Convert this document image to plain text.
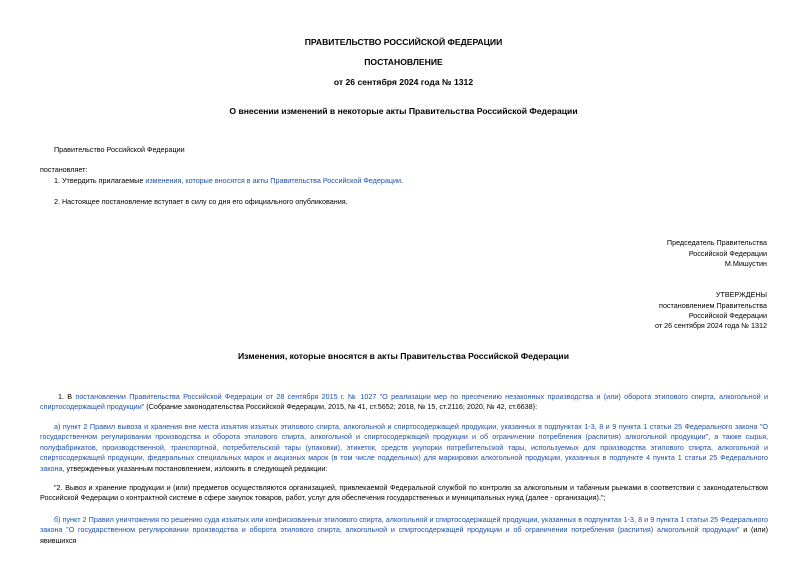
ПРАВИТЕЛЬСТВО РОССИЙСКОЙ ФЕДЕРАЦИИ
ПОСТАНОВЛЕНИЕ
от 26 сентября 2024 года № 1312
О внесении изменений в некоторые акты Правительства Российской Федерации
Правительство Российской Федерации
постановляет:
1. Утвердить прилагаемые изменения, которые вносятся в акты Правительства Российской Федерации.
2. Настоящее постановление вступает в силу со дня его официального опубликования.
Председатель Правительства
Российской Федерации
М.Мишустин
УТВЕРЖДЕНЫ
постановлением Правительства
Российской Федерации
от 26 сентября 2024 года № 1312
Изменения, которые вносятся в акты Правительства Российской Федерации

1. В постановлении Правительства Российской Федерации от 28 сентября 2015 г. № 1027 "О реализации мер по пресечению незаконных производства и (или) оборота этилового спирта, алкогольной и спиртосодержащей продукции" (Собрание законодательства Российской Федерации, 2015, № 41, ст.5652; 2018, № 15, ст.2116; 2020, № 42, ст.6638):

а) пункт 2 Правил вывоза и хранения вне места изъятия изъятых этилового спирта, алкогольной и спиртосодержащей продукции, указанных в подпунктах 1-3, 8 и 9 пункта 1 статьи 25 Федерального закона "О государственном регулировании производства и оборота этилового спирта, алкогольной и спиртосодержащей продукции и об ограничении потребления (распития) алкогольной продукции", а также сырья, полуфабрикатов, производственной, транспортной, потребительской тары (упаковки), этикеток, средств укупорки потребительской тары, используемых для производства этилового спирта, алкогольной и спиртосодержащей продукции, федеральных специальных марок и акцизных марок (в том числе поддельных) для маркировки алкогольной продукции, указанных в подпункте 4 пункта 1 статьи 25 Федерального закона, утвержденных указанным постановлением, изложить в следующей редакции:

"2. Вывоз и хранение продукции и (или) предметов осуществляются организацией, привлекаемой Федеральной службой по контролю за алкогольным и табачным рынками в соответствии с законодательством Российской Федерации о контрактной системе в сфере закупок товаров, работ, услуг для обеспечения государственных и муниципальных нужд (далее - организация).";

б) пункт 2 Правил уничтожения по решению суда изъятых или конфискованных этилового спирта, алкогольной и спиртосодержащей продукции, указанных в подпунктах 1-3, 8 и 9 пункта 1 статьи 25 Федерального закона "О государственном регулировании производства и оборота этилового спирта, алкогольной и спиртосодержащей продукции и об ограничении потребления (распития) алкогольной продукции" и (или) явившихся
